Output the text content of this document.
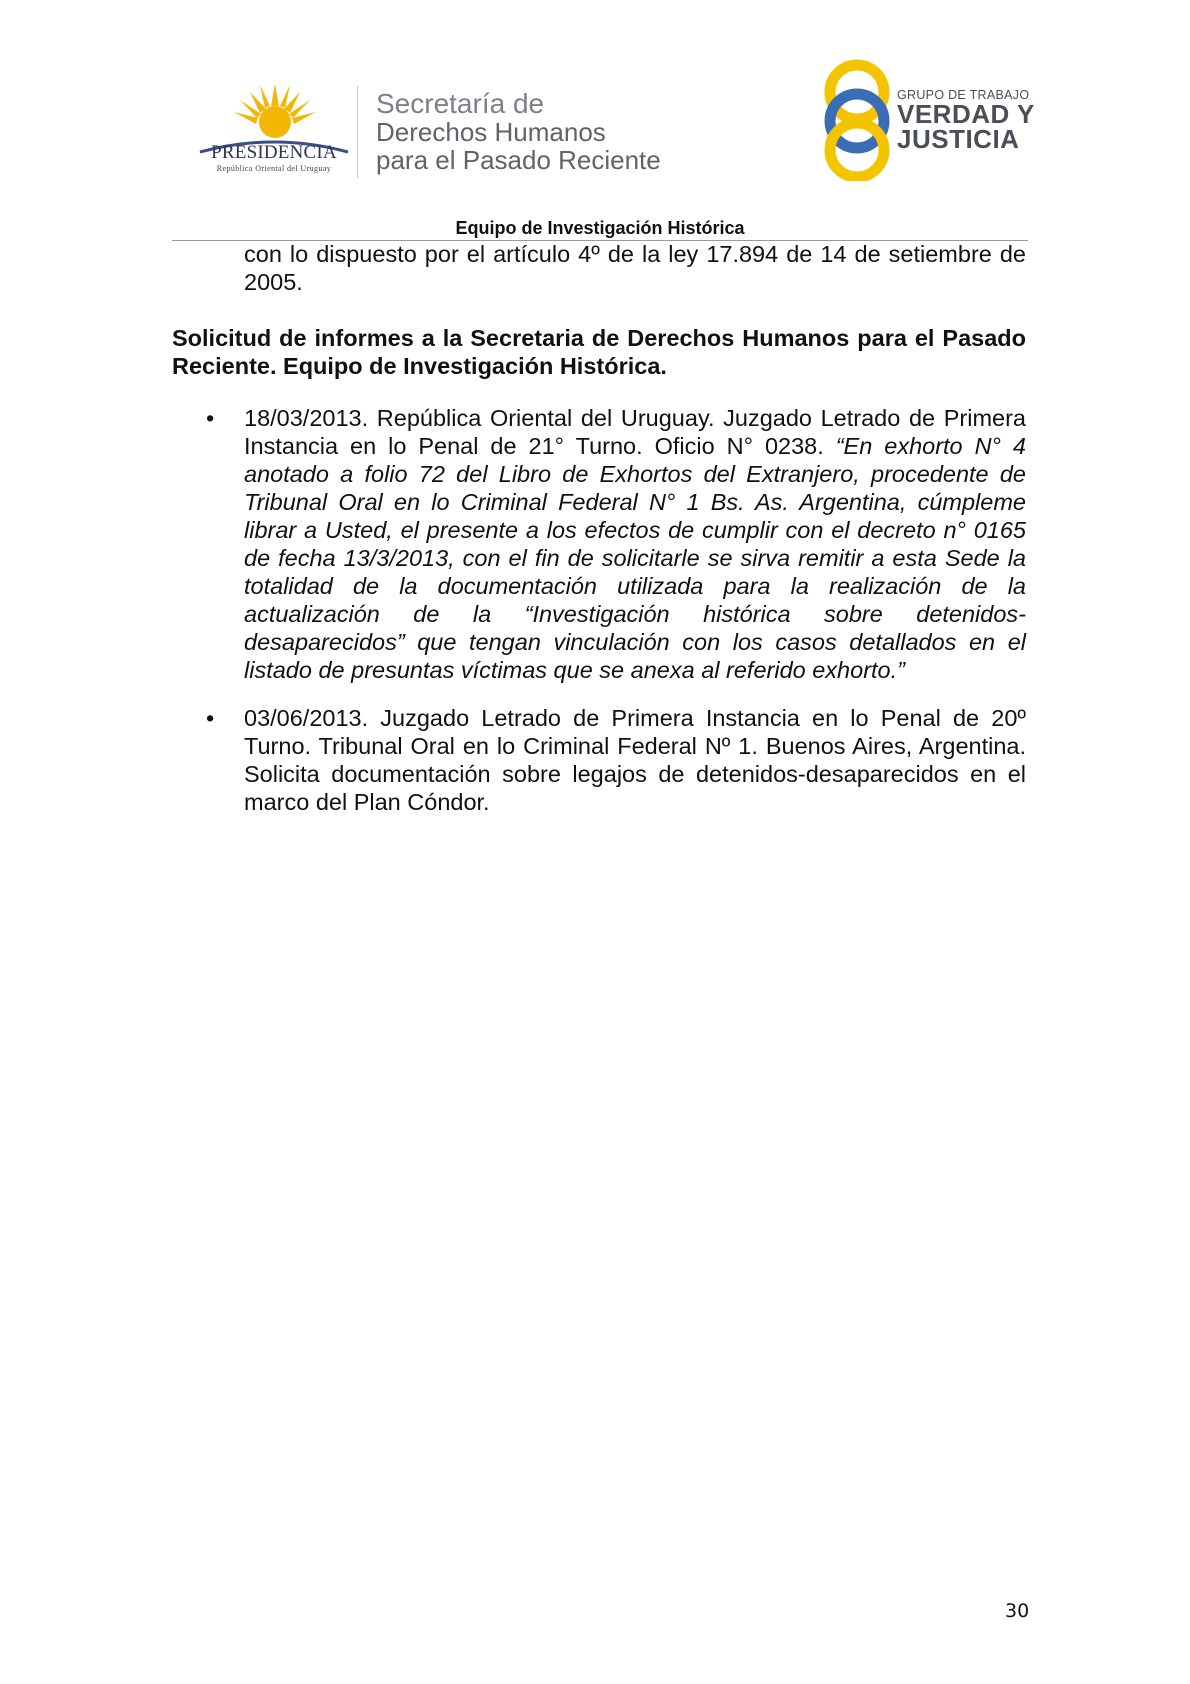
PRESIDENCIA
República Oriental del Uruguay
Secretaría de
Derechos Humanos
para el Pasado Reciente
GRUPO DE TRABAJO
VERDAD Y
JUSTICIA
Equipo de Investigación Histórica

con lo dispuesto por el artículo 4º de la ley 17.894 de 14 de setiembre de 2005.

Solicitud de informes a la Secretaria de Derechos Humanos para el Pasado Reciente. Equipo de Investigación Histórica.

• 18/03/2013. República Oriental del Uruguay. Juzgado Letrado de Primera Instancia en lo Penal de 21° Turno. Oficio N° 0238. “En exhorto N° 4 anotado a folio 72 del Libro de Exhortos del Extranjero, procedente de Tribunal Oral en lo Criminal Federal N° 1 Bs. As. Argentina, cúmpleme librar a Usted, el presente a los efectos de cumplir con el decreto n° 0165 de fecha 13/3/2013, con el fin de solicitarle se sirva remitir a esta Sede la totalidad de la documentación utilizada para la realización de la actualización de la “Investigación histórica sobre detenidos- desaparecidos” que tengan vinculación con los casos detallados en el listado de presuntas víctimas que se anexa al referido exhorto.”
• 03/06/2013. Juzgado Letrado de Primera Instancia en lo Penal de 20º Turno. Tribunal Oral en lo Criminal Federal Nº 1. Buenos Aires, Argentina. Solicita documentación sobre legajos de detenidos-desaparecidos en el marco del Plan Cóndor.
30
